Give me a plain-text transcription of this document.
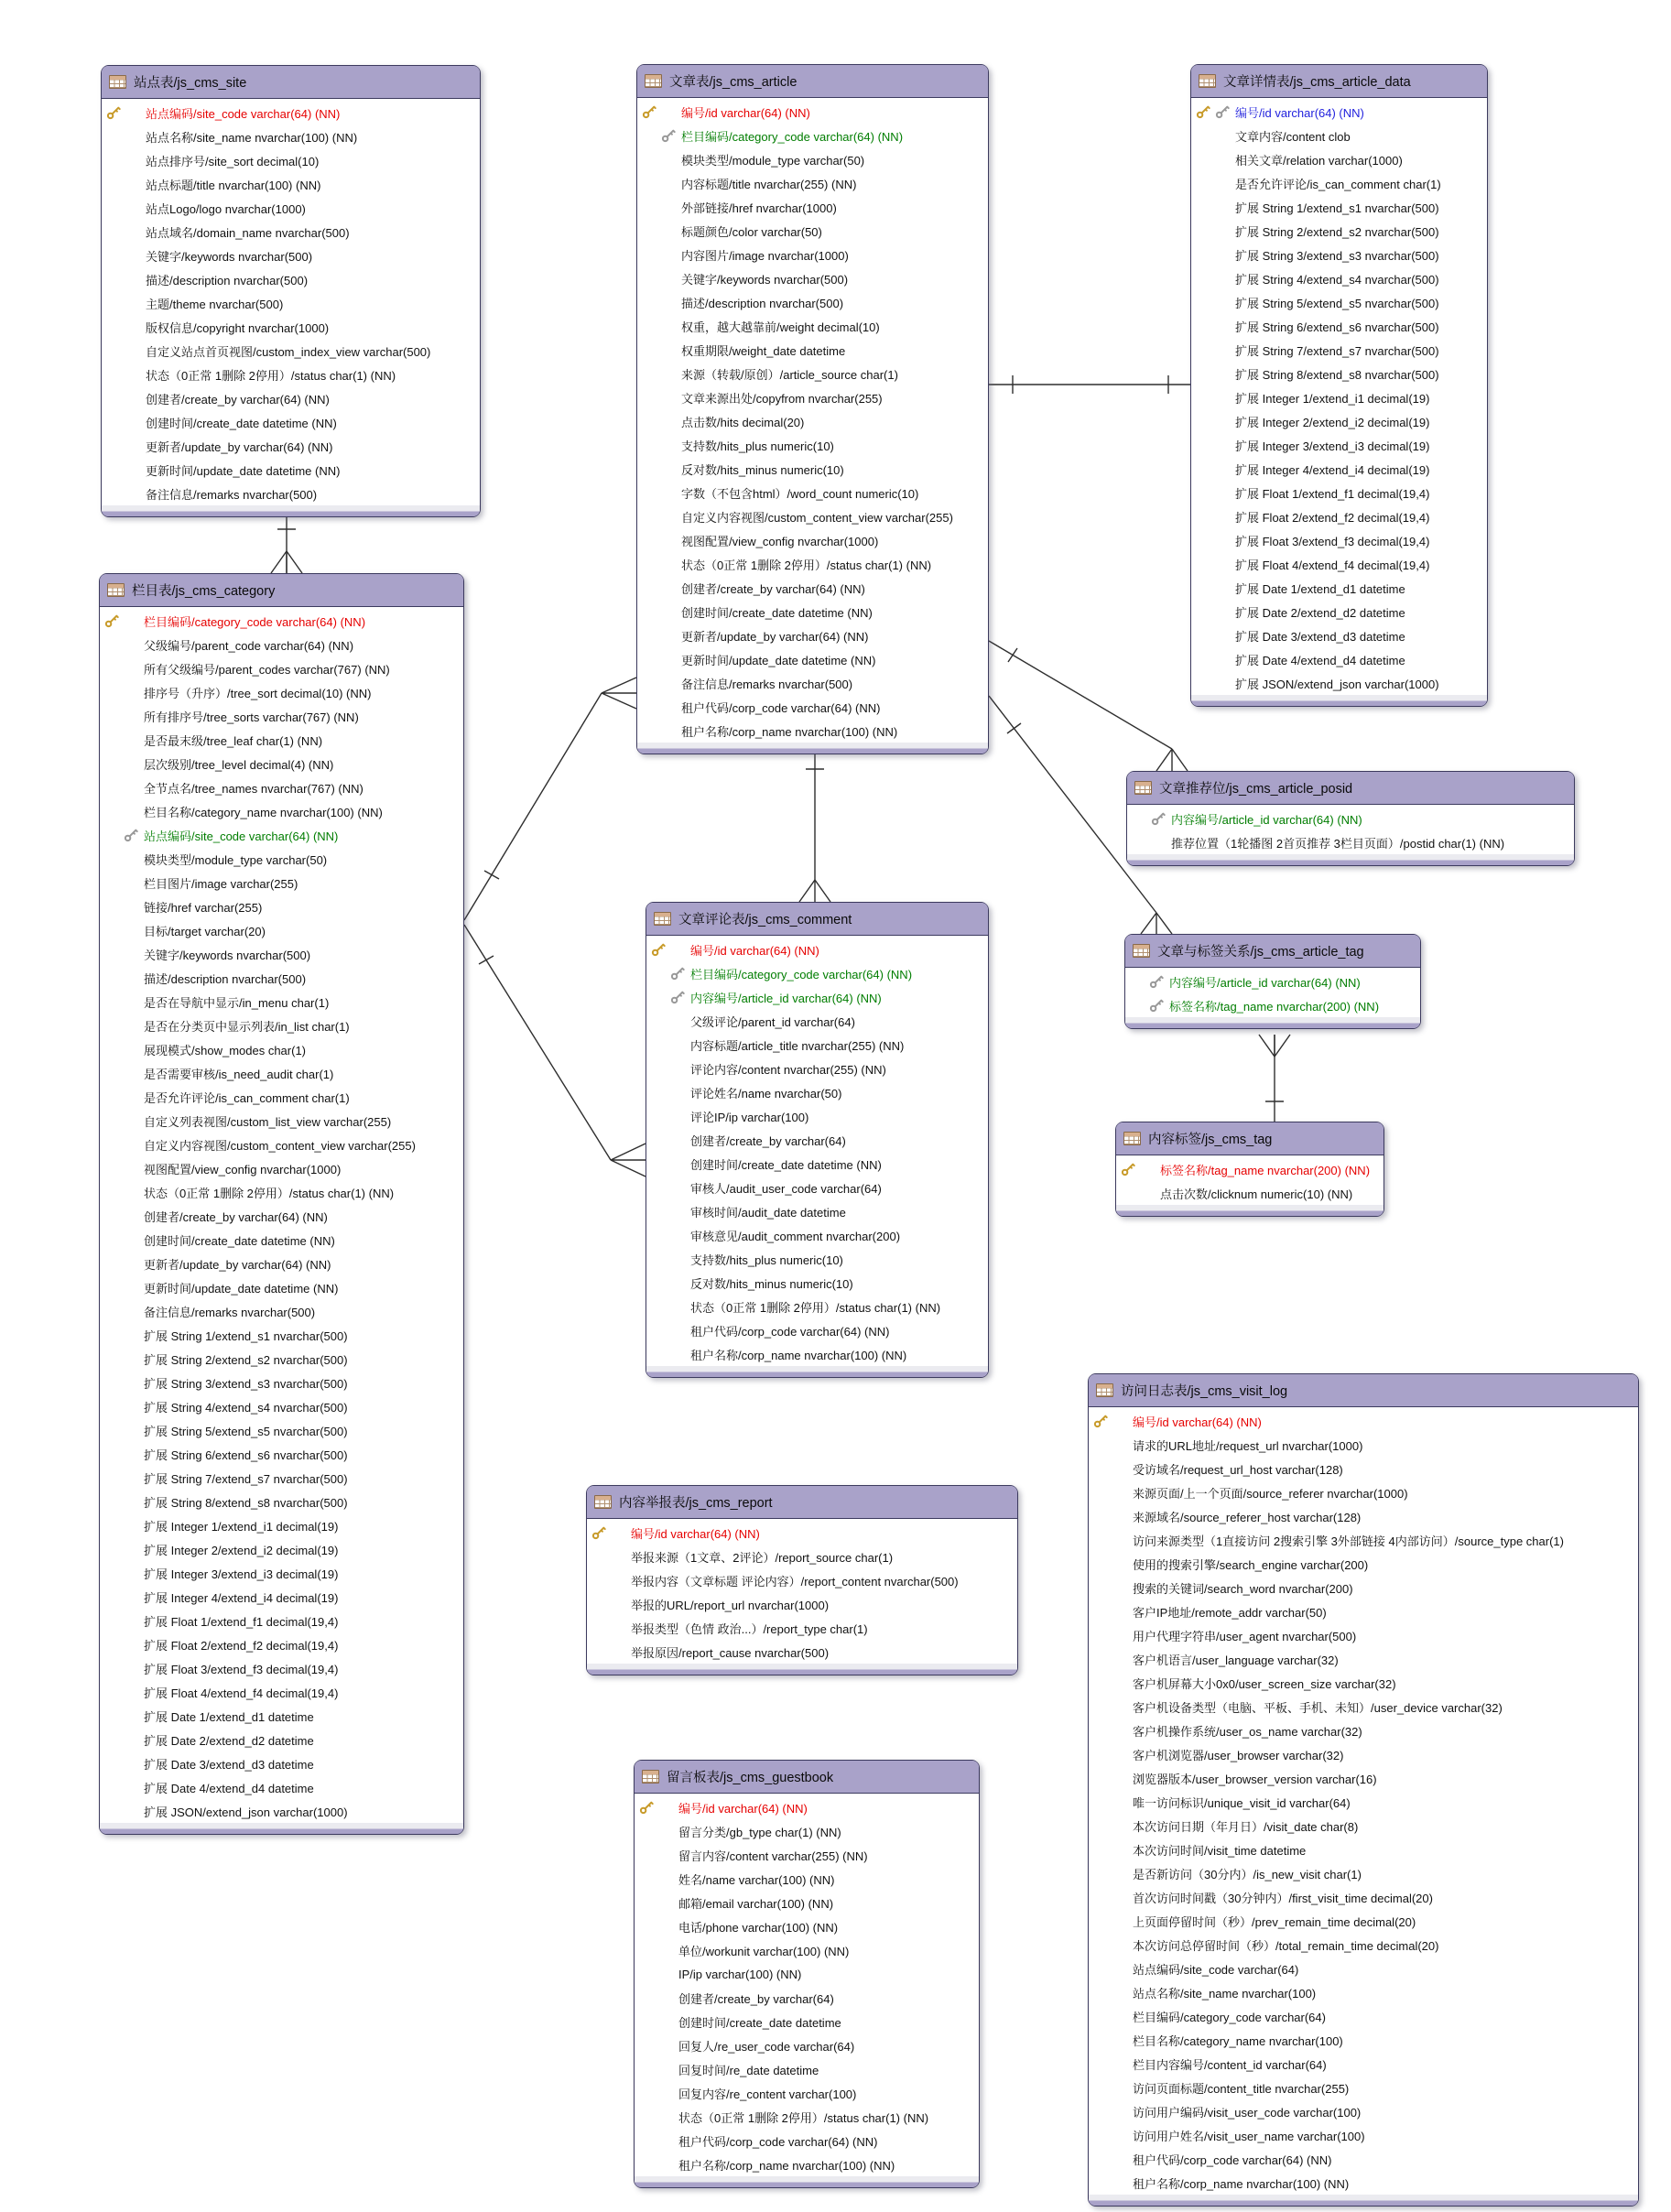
站点表/js_cms_site
站点编码/site_code varchar(64) (NN)
站点名称/site_name nvarchar(100) (NN)
站点排序号/site_sort decimal(10)
站点标题/title nvarchar(100) (NN)
站点Logo/logo nvarchar(1000)
站点域名/domain_name nvarchar(500)
关键字/keywords nvarchar(500)
描述/description nvarchar(500)
主题/theme nvarchar(500)
版权信息/copyright nvarchar(1000)
自定义站点首页视图/custom_index_view varchar(500)
状态（0正常 1删除 2停用）/status char(1) (NN)
创建者/create_by varchar(64) (NN)
创建时间/create_date datetime (NN)
更新者/update_by varchar(64) (NN)
更新时间/update_date datetime (NN)
备注信息/remarks nvarchar(500)
文章表/js_cms_article
编号/id varchar(64) (NN)
栏目编码/category_code varchar(64) (NN)
模块类型/module_type varchar(50)
内容标题/title nvarchar(255) (NN)
外部链接/href nvarchar(1000)
标题颜色/color varchar(50)
内容图片/image nvarchar(1000)
关键字/keywords nvarchar(500)
描述/description nvarchar(500)
权重，越大越靠前/weight decimal(10)
权重期限/weight_date datetime
来源（转载/原创）/article_source char(1)
文章来源出处/copyfrom nvarchar(255)
点击数/hits decimal(20)
支持数/hits_plus numeric(10)
反对数/hits_minus numeric(10)
字数（不包含html）/word_count numeric(10)
自定义内容视图/custom_content_view varchar(255)
视图配置/view_config nvarchar(1000)
状态（0正常 1删除 2停用）/status char(1) (NN)
创建者/create_by varchar(64) (NN)
创建时间/create_date datetime (NN)
更新者/update_by varchar(64) (NN)
更新时间/update_date datetime (NN)
备注信息/remarks nvarchar(500)
租户代码/corp_code varchar(64) (NN)
租户名称/corp_name nvarchar(100) (NN)
文章详情表/js_cms_article_data
编号/id varchar(64) (NN)
文章内容/content clob
相关文章/relation varchar(1000)
是否允许评论/is_can_comment char(1)
扩展 String 1/extend_s1 nvarchar(500)
扩展 String 2/extend_s2 nvarchar(500)
扩展 String 3/extend_s3 nvarchar(500)
扩展 String 4/extend_s4 nvarchar(500)
扩展 String 5/extend_s5 nvarchar(500)
扩展 String 6/extend_s6 nvarchar(500)
扩展 String 7/extend_s7 nvarchar(500)
扩展 String 8/extend_s8 nvarchar(500)
扩展 Integer 1/extend_i1 decimal(19)
扩展 Integer 2/extend_i2 decimal(19)
扩展 Integer 3/extend_i3 decimal(19)
扩展 Integer 4/extend_i4 decimal(19)
扩展 Float 1/extend_f1 decimal(19,4)
扩展 Float 2/extend_f2 decimal(19,4)
扩展 Float 3/extend_f3 decimal(19,4)
扩展 Float 4/extend_f4 decimal(19,4)
扩展 Date 1/extend_d1 datetime
扩展 Date 2/extend_d2 datetime
扩展 Date 3/extend_d3 datetime
扩展 Date 4/extend_d4 datetime
扩展 JSON/extend_json varchar(1000)
栏目表/js_cms_category
栏目编码/category_code varchar(64) (NN)
父级编号/parent_code varchar(64) (NN)
所有父级编号/parent_codes varchar(767) (NN)
排序号（升序）/tree_sort decimal(10) (NN)
所有排序号/tree_sorts varchar(767) (NN)
是否最末级/tree_leaf char(1) (NN)
层次级别/tree_level decimal(4) (NN)
全节点名/tree_names nvarchar(767) (NN)
栏目名称/category_name nvarchar(100) (NN)
站点编码/site_code varchar(64) (NN)
模块类型/module_type varchar(50)
栏目图片/image varchar(255)
链接/href varchar(255)
目标/target varchar(20)
关键字/keywords nvarchar(500)
描述/description nvarchar(500)
是否在导航中显示/in_menu char(1)
是否在分类页中显示列表/in_list char(1)
展现模式/show_modes char(1)
是否需要审核/is_need_audit char(1)
是否允许评论/is_can_comment char(1)
自定义列表视图/custom_list_view varchar(255)
自定义内容视图/custom_content_view varchar(255)
视图配置/view_config nvarchar(1000)
状态（0正常 1删除 2停用）/status char(1) (NN)
创建者/create_by varchar(64) (NN)
创建时间/create_date datetime (NN)
更新者/update_by varchar(64) (NN)
更新时间/update_date datetime (NN)
备注信息/remarks nvarchar(500)
扩展 String 1/extend_s1 nvarchar(500)
扩展 String 2/extend_s2 nvarchar(500)
扩展 String 3/extend_s3 nvarchar(500)
扩展 String 4/extend_s4 nvarchar(500)
扩展 String 5/extend_s5 nvarchar(500)
扩展 String 6/extend_s6 nvarchar(500)
扩展 String 7/extend_s7 nvarchar(500)
扩展 String 8/extend_s8 nvarchar(500)
扩展 Integer 1/extend_i1 decimal(19)
扩展 Integer 2/extend_i2 decimal(19)
扩展 Integer 3/extend_i3 decimal(19)
扩展 Integer 4/extend_i4 decimal(19)
扩展 Float 1/extend_f1 decimal(19,4)
扩展 Float 2/extend_f2 decimal(19,4)
扩展 Float 3/extend_f3 decimal(19,4)
扩展 Float 4/extend_f4 decimal(19,4)
扩展 Date 1/extend_d1 datetime
扩展 Date 2/extend_d2 datetime
扩展 Date 3/extend_d3 datetime
扩展 Date 4/extend_d4 datetime
扩展 JSON/extend_json varchar(1000)
文章评论表/js_cms_comment
编号/id varchar(64) (NN)
栏目编码/category_code varchar(64) (NN)
内容编号/article_id varchar(64) (NN)
父级评论/parent_id varchar(64)
内容标题/article_title nvarchar(255) (NN)
评论内容/content nvarchar(255) (NN)
评论姓名/name nvarchar(50)
评论IP/ip varchar(100)
创建者/create_by varchar(64)
创建时间/create_date datetime (NN)
审核人/audit_user_code varchar(64)
审核时间/audit_date datetime
审核意见/audit_comment nvarchar(200)
支持数/hits_plus numeric(10)
反对数/hits_minus numeric(10)
状态（0正常 1删除 2停用）/status char(1) (NN)
租户代码/corp_code varchar(64) (NN)
租户名称/corp_name nvarchar(100) (NN)
文章推荐位/js_cms_article_posid
内容编号/article_id varchar(64) (NN)
推荐位置（1轮播图 2首页推荐 3栏目页面）/postid char(1) (NN)
文章与标签关系/js_cms_article_tag
内容编号/article_id varchar(64) (NN)
标签名称/tag_name nvarchar(200) (NN)
内容标签/js_cms_tag
标签名称/tag_name nvarchar(200) (NN)
点击次数/clicknum numeric(10) (NN)
内容举报表/js_cms_report
编号/id varchar(64) (NN)
举报来源（1文章、2评论）/report_source char(1)
举报内容（文章标题 评论内容）/report_content nvarchar(500)
举报的URL/report_url nvarchar(1000)
举报类型（色情 政治...）/report_type char(1)
举报原因/report_cause nvarchar(500)
留言板表/js_cms_guestbook
编号/id varchar(64) (NN)
留言分类/gb_type char(1) (NN)
留言内容/content varchar(255) (NN)
姓名/name varchar(100) (NN)
邮箱/email varchar(100) (NN)
电话/phone varchar(100) (NN)
单位/workunit varchar(100) (NN)
IP/ip varchar(100) (NN)
创建者/create_by varchar(64)
创建时间/create_date datetime
回复人/re_user_code varchar(64)
回复时间/re_date datetime
回复内容/re_content varchar(100)
状态（0正常 1删除 2停用）/status char(1) (NN)
租户代码/corp_code varchar(64) (NN)
租户名称/corp_name nvarchar(100) (NN)
访问日志表/js_cms_visit_log
编号/id varchar(64) (NN)
请求的URL地址/request_url nvarchar(1000)
受访域名/request_url_host varchar(128)
来源页面/上一个页面/source_referer nvarchar(1000)
来源域名/source_referer_host varchar(128)
访问来源类型（1直接访问 2搜索引擎 3外部链接 4内部访问）/source_type char(1)
使用的搜索引擎/search_engine varchar(200)
搜索的关键词/search_word nvarchar(200)
客户IP地址/remote_addr varchar(50)
用户代理字符串/user_agent nvarchar(500)
客户机语言/user_language varchar(32)
客户机屏幕大小0x0/user_screen_size varchar(32)
客户机设备类型（电脑、平板、手机、未知）/user_device varchar(32)
客户机操作系统/user_os_name varchar(32)
客户机浏览器/user_browser varchar(32)
浏览器版本/user_browser_version varchar(16)
唯一访问标识/unique_visit_id varchar(64)
本次访问日期（年月日）/visit_date char(8)
本次访问时间/visit_time datetime
是否新访问（30分内）/is_new_visit char(1)
首次访问时间戳（30分钟内）/first_visit_time decimal(20)
上页面停留时间（秒）/prev_remain_time decimal(20)
本次访问总停留时间（秒）/total_remain_time decimal(20)
站点编码/site_code varchar(64)
站点名称/site_name nvarchar(100)
栏目编码/category_code varchar(64)
栏目名称/category_name nvarchar(100)
栏目内容编号/content_id varchar(64)
访问页面标题/content_title nvarchar(255)
访问用户编码/visit_user_code varchar(100)
访问用户姓名/visit_user_name varchar(100)
租户代码/corp_code varchar(64) (NN)
租户名称/corp_name nvarchar(100) (NN)
